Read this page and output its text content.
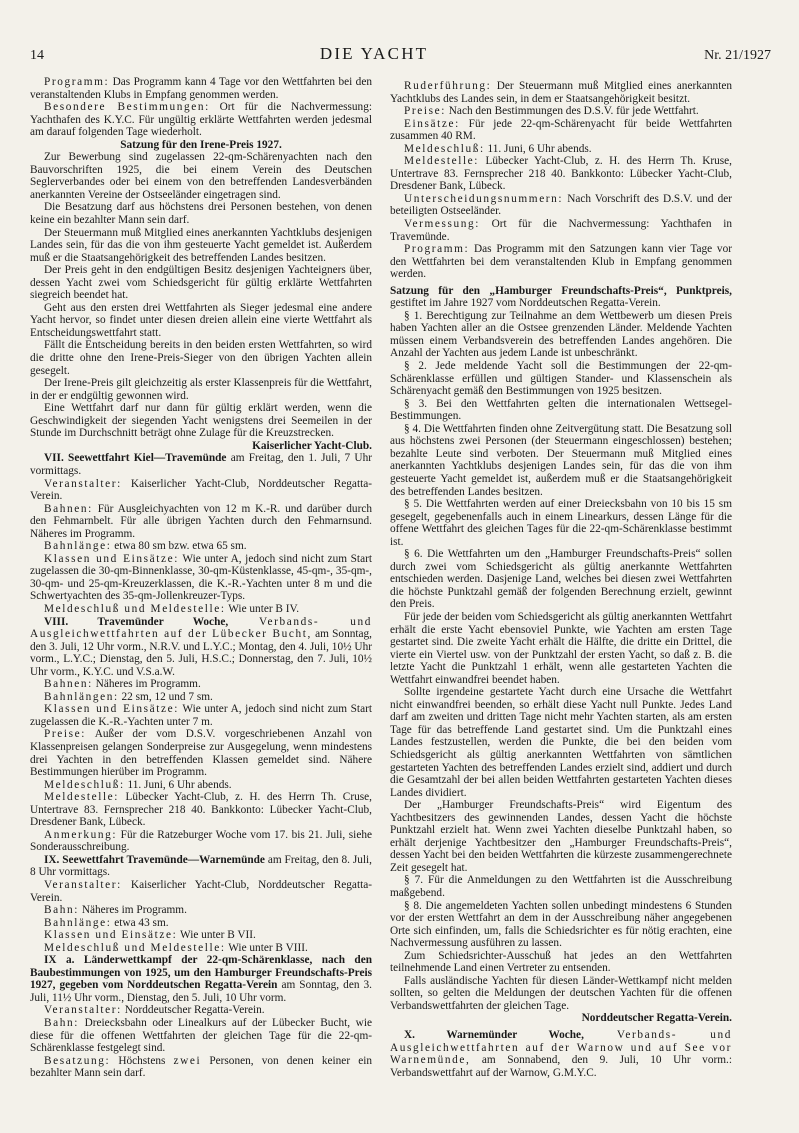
14	DIE YACHT	Nr. 21/1927

Programm: Das Programm kann 4 Tage vor den Wettfahrten bei den veranstaltenden Klubs in Empfang genommen werden.

Besondere Bestimmungen: Ort für die Nachvermessung: Yachthafen des K.Y.C. Für ungültig erklärte Wettfahrten werden jedesmal am darauf folgenden Tage wiederholt.

Satzung für den Irene-Preis 1927.

Zur Bewerbung sind zugelassen 22-qm-Schärenyachten nach den Bauvorschriften 1925, die bei einem Verein des Deutschen Seglerverbandes oder bei einem von den betreffenden Landesverbänden anerkannten Vereine der Ostseeländer eingetragen sind.

Die Besatzung darf aus höchstens drei Personen bestehen, von denen keine ein bezahlter Mann sein darf.

Der Steuermann muß Mitglied eines anerkannten Yachtklubs desjenigen Landes sein, für das die von ihm gesteuerte Yacht gemeldet ist. Außerdem muß er die Staatsangehörigkeit des betreffenden Landes besitzen.

Der Preis geht in den endgültigen Besitz desjenigen Yachteigners über, dessen Yacht zwei vom Schiedsgericht für gültig erklärte Wettfahrten siegreich beendet hat.

Geht aus den ersten drei Wettfahrten als Sieger jedesmal eine andere Yacht hervor, so findet unter diesen dreien allein eine vierte Wettfahrt als Entscheidungswettfahrt statt.

Fällt die Entscheidung bereits in den beiden ersten Wettfahrten, so wird die dritte ohne den Irene-Preis-Sieger von den übrigen Yachten allein gesegelt.

Der Irene-Preis gilt gleichzeitig als erster Klassenpreis für die Wettfahrt, in der er endgültig gewonnen wird.

Eine Wettfahrt darf nur dann für gültig erklärt werden, wenn die Geschwindigkeit der siegenden Yacht wenigstens drei Seemeilen in der Stunde im Durchschnitt beträgt ohne Zulage für die Kreuzstrecken.

Kaiserlicher Yacht-Club.

VII. Seewettfahrt Kiel—Travemünde am Freitag, den 1. Juli, 7 Uhr vormittags.

Veranstalter: Kaiserlicher Yacht-Club, Norddeutscher Regatta-Verein.

Bahnen: Für Ausgleichyachten von 12 m K.-R. und darüber durch den Fehmarnbelt. Für alle übrigen Yachten durch den Fehmarnsund. Näheres im Programm.

Bahnlänge: etwa 80 sm bzw. etwa 65 sm.

Klassen und Einsätze: Wie unter A, jedoch sind nicht zum Start zugelassen die 30-qm-Binnenklasse, 30-qm-Küstenklasse, 45-qm-, 35-qm-, 30-qm- und 25-qm-Kreuzerklassen, die K.-R.-Yachten unter 8 m und die Schwertyachten des 35-qm-Jollenkreuzer-Typs.

Meldeschluß und Meldestelle: Wie unter B IV.

VIII. Travemünder Woche, Verbands- und Ausgleichwettfahrten auf der Lübecker Bucht, am Sonntag, den 3. Juli, 12 Uhr vorm., N.R.V. und L.Y.C.; Montag, den 4. Juli, 10½ Uhr vorm., L.Y.C.; Dienstag, den 5. Juli, H.S.C.; Donnerstag, den 7. Juli, 10½ Uhr vorm., K.Y.C. und V.S.a.W.

Bahnen: Näheres im Programm.

Bahnlängen: 22 sm, 12 und 7 sm.

Klassen und Einsätze: Wie unter A, jedoch sind nicht zum Start zugelassen die K.-R.-Yachten unter 7 m.

Preise: Außer der vom D.S.V. vorgeschriebenen Anzahl von Klassenpreisen gelangen Sonderpreise zur Ausgegelung, wenn mindestens drei Yachten in den betreffenden Klassen gemeldet sind. Nähere Bestimmungen hierüber im Programm.

Meldeschluß: 11. Juni, 6 Uhr abends.

Meldestelle: Lübecker Yacht-Club, z. H. des Herrn Th. Cruse, Untertrave 83. Fernsprecher 218 40. Bankkonto: Lübecker Yacht-Club, Dresdener Bank, Lübeck.

Anmerkung: Für die Ratzeburger Woche vom 17. bis 21. Juli, siehe Sonderausschreibung.

IX. Seewettfahrt Travemünde—Warnemünde am Freitag, den 8. Juli, 8 Uhr vormittags.

Veranstalter: Kaiserlicher Yacht-Club, Norddeutscher Regatta-Verein.

Bahn: Näheres im Programm.

Bahnlänge: etwa 43 sm.

Klassen und Einsätze: Wie unter B VII.

Meldeschluß und Meldestelle: Wie unter B VIII.

IX a. Länderwettkampf der 22-qm-Schärenklasse, nach den Baubestimmungen von 1925, um den Hamburger Freundschafts-Preis 1927, gegeben vom Norddeutschen Regatta-Verein am Sonntag, den 3. Juli, 11½ Uhr vorm., Dienstag, den 5. Juli, 10 Uhr vorm.

Veranstalter: Norddeutscher Regatta-Verein.

Bahn: Dreiecksbahn oder Linealkurs auf der Lübecker Bucht, wie diese für die offenen Wettfahrten der gleichen Tage für die 22-qm-Schärenklasse festgelegt sind.

Besatzung: Höchstens zwei Personen, von denen keiner ein bezahlter Mann sein darf.

Ruderführung: Der Steuermann muß Mitglied eines anerkannten Yachtklubs des Landes sein, in dem er Staatsangehörigkeit besitzt.

Preise: Nach den Bestimmungen des D.S.V. für jede Wettfahrt.

Einsätze: Für jede 22-qm-Schärenyacht für beide Wettfahrten zusammen 40 RM.

Meldeschluß: 11. Juni, 6 Uhr abends.

Meldestelle: Lübecker Yacht-Club, z. H. des Herrn Th. Kruse, Untertrave 83. Fernsprecher 218 40. Bankkonto: Lübecker Yacht-Club, Dresdener Bank, Lübeck.

Unterscheidungsnummern: Nach Vorschrift des D.S.V. und der beteiligten Ostseeländer.

Vermessung: Ort für die Nachvermessung: Yachthafen in Travemünde.

Programm: Das Programm mit den Satzungen kann vier Tage vor den Wettfahrten bei dem veranstaltenden Klub in Empfang genommen werden.

Satzung für den „Hamburger Freundschafts-Preis“, Punktpreis, gestiftet im Jahre 1927 vom Norddeutschen Regatta-Verein.

§ 1. Berechtigung zur Teilnahme an dem Wettbewerb um diesen Preis haben Yachten aller an die Ostsee grenzenden Länder. Meldende Yachten müssen einem Verbandsverein des betreffenden Landes angehören. Die Anzahl der Yachten aus jedem Lande ist unbeschränkt.

§ 2. Jede meldende Yacht soll die Bestimmungen der 22-qm-Schärenklasse erfüllen und gültigen Stander- und Klassenschein als Schärenyacht gemäß den Bestimmungen von 1925 besitzen.

§ 3. Bei den Wettfahrten gelten die internationalen Wettsegel-Bestimmungen.

§ 4. Die Wettfahrten finden ohne Zeitvergütung statt. Die Besatzung soll aus höchstens zwei Personen (der Steuermann eingeschlossen) bestehen; bezahlte Leute sind verboten. Der Steuermann muß Mitglied eines anerkannten Yachtklubs desjenigen Landes sein, für das die von ihm gesteuerte Yacht gemeldet ist, außerdem muß er die Staatsangehörigkeit des betreffenden Landes besitzen.

§ 5. Die Wettfahrten werden auf einer Dreiecksbahn von 10 bis 15 sm gesegelt, gegebenenfalls auch in einem Linearkurs, dessen Länge für die offene Wettfahrt des gleichen Tages für die 22-qm-Schärenklasse bestimmt ist.

§ 6. Die Wettfahrten um den „Hamburger Freundschafts-Preis“ sollen durch zwei vom Schiedsgericht als gültig anerkannte Wettfahrten entschieden werden. Dasjenige Land, welches bei diesen zwei Wettfahrten die höchste Punktzahl gemäß der folgenden Berechnung erzielt, gewinnt den Preis.

Für jede der beiden vom Schiedsgericht als gültig anerkannten Wettfahrt erhält die erste Yacht ebensoviel Punkte, wie Yachten am ersten Tage gestartet sind. Die zweite Yacht erhält die Hälfte, die dritte ein Drittel, die vierte ein Viertel usw. von der Punktzahl der ersten Yacht, so daß z. B. die letzte Yacht die Punktzahl 1 erhält, wenn alle gestarteten Yachten die Wettfahrt einwandfrei beendet haben.

Sollte irgendeine gestartete Yacht durch eine Ursache die Wettfahrt nicht einwandfrei beenden, so erhält diese Yacht null Punkte. Jedes Land darf am zweiten und dritten Tage nicht mehr Yachten starten, als am ersten Tage für das betreffende Land gestartet sind. Um die Punktzahl eines Landes festzustellen, werden die Punkte, die bei den beiden vom Schiedsgericht als gültig anerkannten Wettfahrten von sämtlichen gestarteten Yachten des betreffenden Landes erzielt sind, addiert und durch die Gesamtzahl der bei allen beiden Wettfahrten gestarteten Yachten dieses Landes dividiert.

Der „Hamburger Freundschafts-Preis“ wird Eigentum des Yachtbesitzers des gewinnenden Landes, dessen Yacht die höchste Punktzahl erzielt hat. Wenn zwei Yachten dieselbe Punktzahl haben, so erhält derjenige Yachtbesitzer den „Hamburger Freundschafts-Preis“, dessen Yacht bei den beiden Wettfahrten die kürzeste zusammengerechnete Zeit gesegelt hat.

§ 7. Für die Anmeldungen zu den Wettfahrten ist die Ausschreibung maßgebend.

§ 8. Die angemeldeten Yachten sollen unbedingt mindestens 6 Stunden vor der ersten Wettfahrt an dem in der Ausschreibung näher angegebenen Orte sich einfinden, um, falls die Schiedsrichter es für nötig erachten, eine Nachvermessung ausführen zu lassen.

Zum Schiedsrichter-Ausschuß hat jedes an den Wettfahrten teilnehmende Land einen Vertreter zu entsenden.

Falls ausländische Yachten für diesen Länder-Wettkampf nicht melden sollten, so gelten die Meldungen der deutschen Yachten für die offenen Verbandswettfahrten der gleichen Tage.

Norddeutscher Regatta-Verein.

X. Warnemünder Woche, Verbands- und Ausgleichwettfahrten auf der Warnow und auf See vor Warnemünde, am Sonnabend, den 9. Juli, 10 Uhr vorm.: Verbandswettfahrt auf der Warnow, G.M.Y.C.
